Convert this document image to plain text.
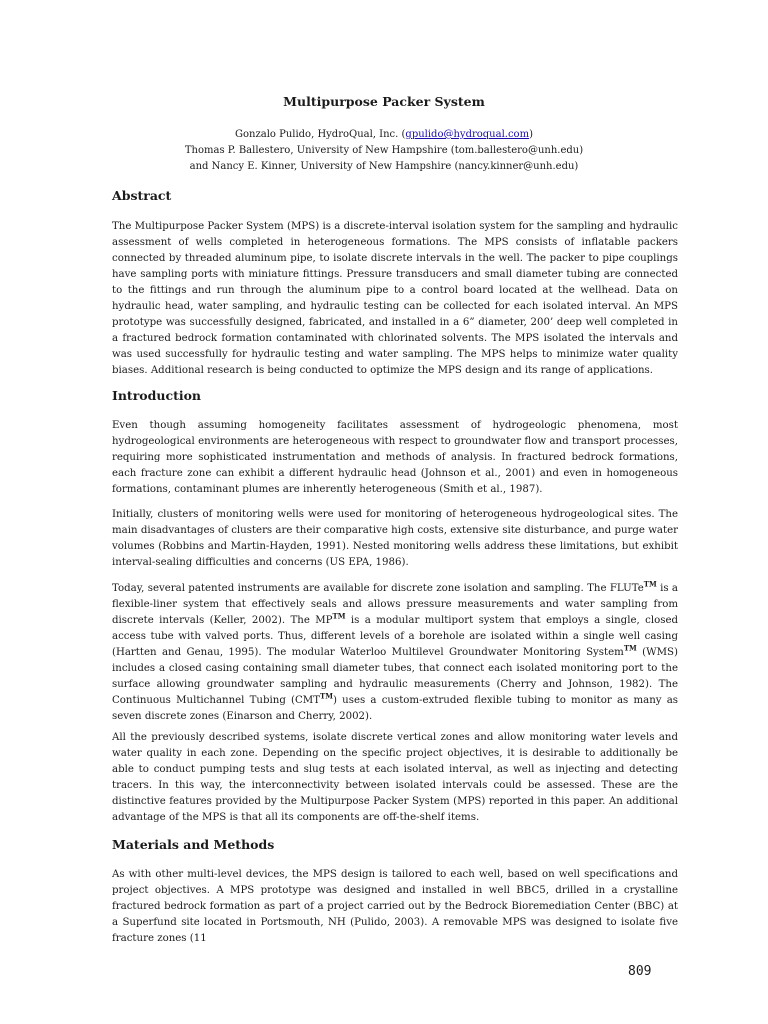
Multipurpose Packer System
Gonzalo Pulido, HydroQual, Inc. (gpulido@hydroqual.com)
Thomas P. Ballestero, University of New Hampshire (tom.ballestero@unh.edu)
and Nancy E. Kinner, University of New Hampshire (nancy.kinner@unh.edu)
Abstract

The Multipurpose Packer System (MPS) is a discrete-interval isolation system for the sampling and hydraulic assessment of wells completed in heterogeneous formations. The MPS consists of inflatable packers connected by threaded aluminum pipe, to isolate discrete intervals in the well. The packer to pipe couplings have sampling ports with miniature fittings. Pressure transducers and small diameter tubing are connected to the fittings and run through the aluminum pipe to a control board located at the wellhead. Data on hydraulic head, water sampling, and hydraulic testing can be collected for each isolated interval. An MPS prototype was successfully designed, fabricated, and installed in a 6” diameter, 200’ deep well completed in a fractured bedrock formation contaminated with chlorinated solvents. The MPS isolated the intervals and was used successfully for hydraulic testing and water sampling. The MPS helps to minimize water quality biases. Additional research is being conducted to optimize the MPS design and its range of applications.

Introduction

Even though assuming homogeneity facilitates assessment of hydrogeologic phenomena, most hydrogeological environments are heterogeneous with respect to groundwater flow and transport processes, requiring more sophisticated instrumentation and methods of analysis. In fractured bedrock formations, each fracture zone can exhibit a different hydraulic head (Johnson et al., 2001) and even in homogeneous formations, contaminant plumes are inherently heterogeneous (Smith et al., 1987).

Initially, clusters of monitoring wells were used for monitoring of heterogeneous hydrogeological sites. The main disadvantages of clusters are their comparative high costs, extensive site disturbance, and purge water volumes (Robbins and Martin-Hayden, 1991). Nested monitoring wells address these limitations, but exhibit interval-sealing difficulties and concerns (US EPA, 1986).

Today, several patented instruments are available for discrete zone isolation and sampling. The FLUTe™ is a flexible-liner system that effectively seals and allows pressure measurements and water sampling from discrete intervals (Keller, 2002). The MP™ is a modular multiport system that employs a single, closed access tube with valved ports. Thus, different levels of a borehole are isolated within a single well casing (Hartten and Genau, 1995). The modular Waterloo Multilevel Groundwater Monitoring System™ (WMS) includes a closed casing containing small diameter tubes, that connect each isolated monitoring port to the surface allowing groundwater sampling and hydraulic measurements (Cherry and Johnson, 1982). The Continuous Multichannel Tubing (CMT™) uses a custom-extruded flexible tubing to monitor as many as seven discrete zones (Einarson and Cherry, 2002).

All the previously described systems, isolate discrete vertical zones and allow monitoring water levels and water quality in each zone. Depending on the specific project objectives, it is desirable to additionally be able to conduct pumping tests and slug tests at each isolated interval, as well as injecting and detecting tracers. In this way, the interconnectivity between isolated intervals could be assessed. These are the distinctive features provided by the Multipurpose Packer System (MPS) reported in this paper. An additional advantage of the MPS is that all its components are off-the-shelf items.

Materials and Methods

As with other multi-level devices, the MPS design is tailored to each well, based on well specifications and project objectives. A MPS prototype was designed and installed in well BBC5, drilled in a crystalline fractured bedrock formation as part of a project carried out by the Bedrock Bioremediation Center (BBC) at a Superfund site located in Portsmouth, NH (Pulido, 2003). A removable MPS was designed to isolate five fracture zones (11

809
